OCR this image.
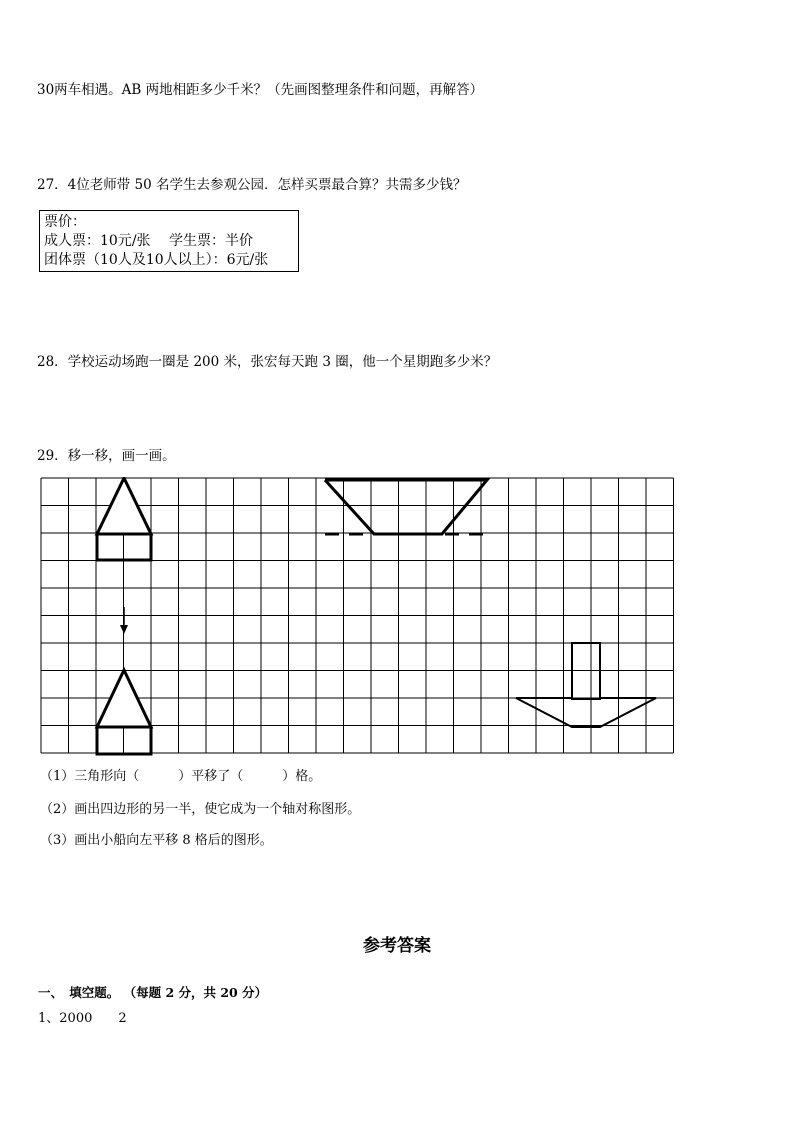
30两车相遇。AB 两地相距多少千米？（先画图整理条件和问题，再解答）
27．4位老师带 50 名学生去参观公园．怎样买票最合算？共需多少钱？
票价：
成人票：10元/张　 学生票：半价
团体票（10人及10人以上）：6元/张
28．学校运动场跑一圈是 200 米，张宏每天跑 3 圈，他一个星期跑多少米？
29．移一移，画一画。
（1）三角形向（　　　）平移了（　　　）格。
（2）画出四边形的另一半，使它成为一个轴对称图形。
（3）画出小船向左平移 8 格后的图形。
参考答案
一、　填空题。 （每题 2 分，共 20 分）
1、2000　　2
